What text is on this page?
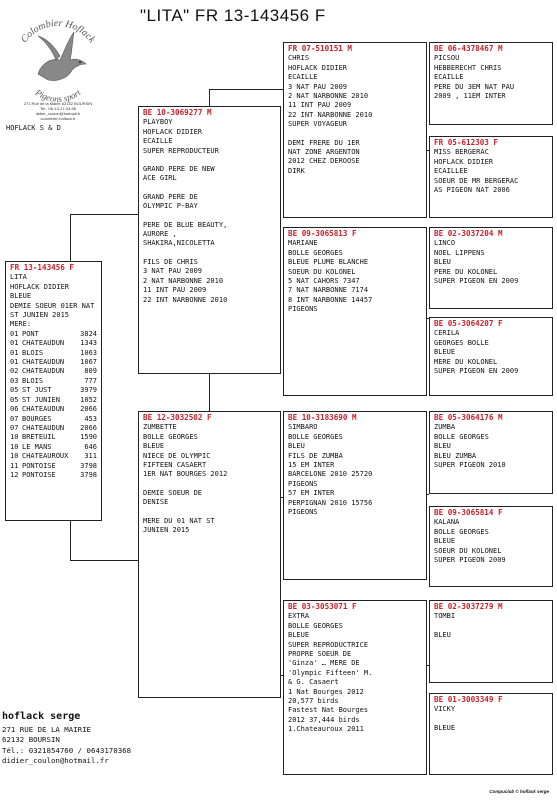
"LITA" FR 13-143456 F
Colombier Hoflack
Pigeons sport
271 Rue de la Mairie 62132 BOURSIN
Tel : 06-13-17-03-68
didier_coulon@hotmail.fr
colombier-hoflack.fr
HOFLACK S & D
FR 13-143456 F
LITA
HOFLACK DIDIER
BLEUE
DEMIE SOEUR 01ER NAT
ST JUNIEN 2015
MERE:
01 PONT	3824
01 CHATEAUDUN	1343
01 BLOIS	1063
01 CHATEAUDUN	1067
02 CHATEAUDUN	809
03 BLOIS	777
05 ST JUST	3979
05 ST JUNIEN	1052
06 CHATEAUDUN	2066
07 BOURGES	453
07 CHATEAUDUN	2066
10 BRETEUIL	1590
10 LE MANS	646
10 CHATEAUROUX	311
11 PONTOISE	3798
12 PONTOISE	3798
BE 10-3069277 M
PLAYBOY
HOFLACK DIDIER
ECAILLE
SUPER REPRODUCTEUR
GRAND PERE DE NEW
ACE GIRL
GRAND PERE DE
OLYMPIC P-BAY
PERE DE BLUE BEAUTY,
AURORE ,
SHAKIRA,NICOLETTA
FILS DE CHRIS
3 NAT PAU 2009
2 NAT NARBONNE 2010
11 INT PAU 2009
22 INT NARBONNE 2010
BE 12-3032502 F
ZUMBETTE
BOLLE GEORGES
BLEUE
NIECE DE OLYMPIC
FIFTEEN CASAERT
1ER NAT BOURGES 2012
DEMIE SOEUR DE
DENISE
MERE DU 01 NAT ST
JUNIEN 2015
FR 07-510151 M
CHRIS
HOFLACK DIDIER
ECAILLE
3 NAT PAU 2009
2 NAT NARBONNE 2010
11 INT PAU 2009
22 INT NARBONNE 2010
SUPER VOYAGEUR
DEMI FRERE DU 1ER
NAT ZONE ARGENTON
2012 CHEZ DEROOSE
DIRK
BE 09-3065813 F
MARIANE
BOLLE GEORGES
BLEUE PLUME BLANCHE
SOEUR DU KOLONEL
5 NAT CAHORS 7347
7 NAT NARBONNE 7174
8 INT NARBONNE 14457
PIGEONS
BE 10-3183690 M
SIMBARO
BOLLE GEORGES
BLEU
FILS DE ZUMBA
15 EM INTER
BARCELONE 2010 25720
PIGEONS
57 EM INTER
PERPIGNAN 2010 15756
PIGEONS
BE 03-3053071 F
EXTRA
BOLLE GEORGES
BLEUE
SUPER REPRODUCTRICE
PROPRE SOEUR DE
'Ginza' … MERE DE
'Olympic Fifteen' M.
& G. Casaert
1 Nat Bourges 2012
20,577 birds
Fastest Nat Bourges
2012 37,444 birds
1.Chateauroux 2011
BE 06-4378467 M
PICSOU
HEBBERECHT CHRIS
ECAILLE
PERE DU 3EM NAT PAU
2009 , 11EM INTER
FR 05-612303 F
MISS BERGERAC
HOFLACK DIDIER
ECAILLEE
SOEUR DE MR BERGERAC
AS PIGEON NAT 2006
BE 02-3037204 M
LINCO
NOEL LIPPENS
BLEU
PERE DU KOLONEL
SUPER PIGEON EN 2009
BE 05-3064207 F
CERILA
GEORGES BOLLE
BLEUE
MERE DU KOLONEL
SUPER PIGEON EN 2009
BE 05-3064176 M
ZUMBA
BOLLE GEORGES
BLEU
BLEU ZUMBA
SUPER PIGEON 2010
BE 09-3065814 F
KALANA
BOLLE GEORGES
BLEUE
SOEUR DU KOLONEL
SUPER PIGEON 2009
BE 02-3037279 M
TOMBI
BLEU
BE 01-3003349 F
VICKY
BLEUE
hoflack serge
271 RUE DE LA MAIRIE
62132 BOURSIN
Tél.: 0321854760 / 0643170368
didier_coulon@hotmail.fr
Compuclub © hoflack serge
